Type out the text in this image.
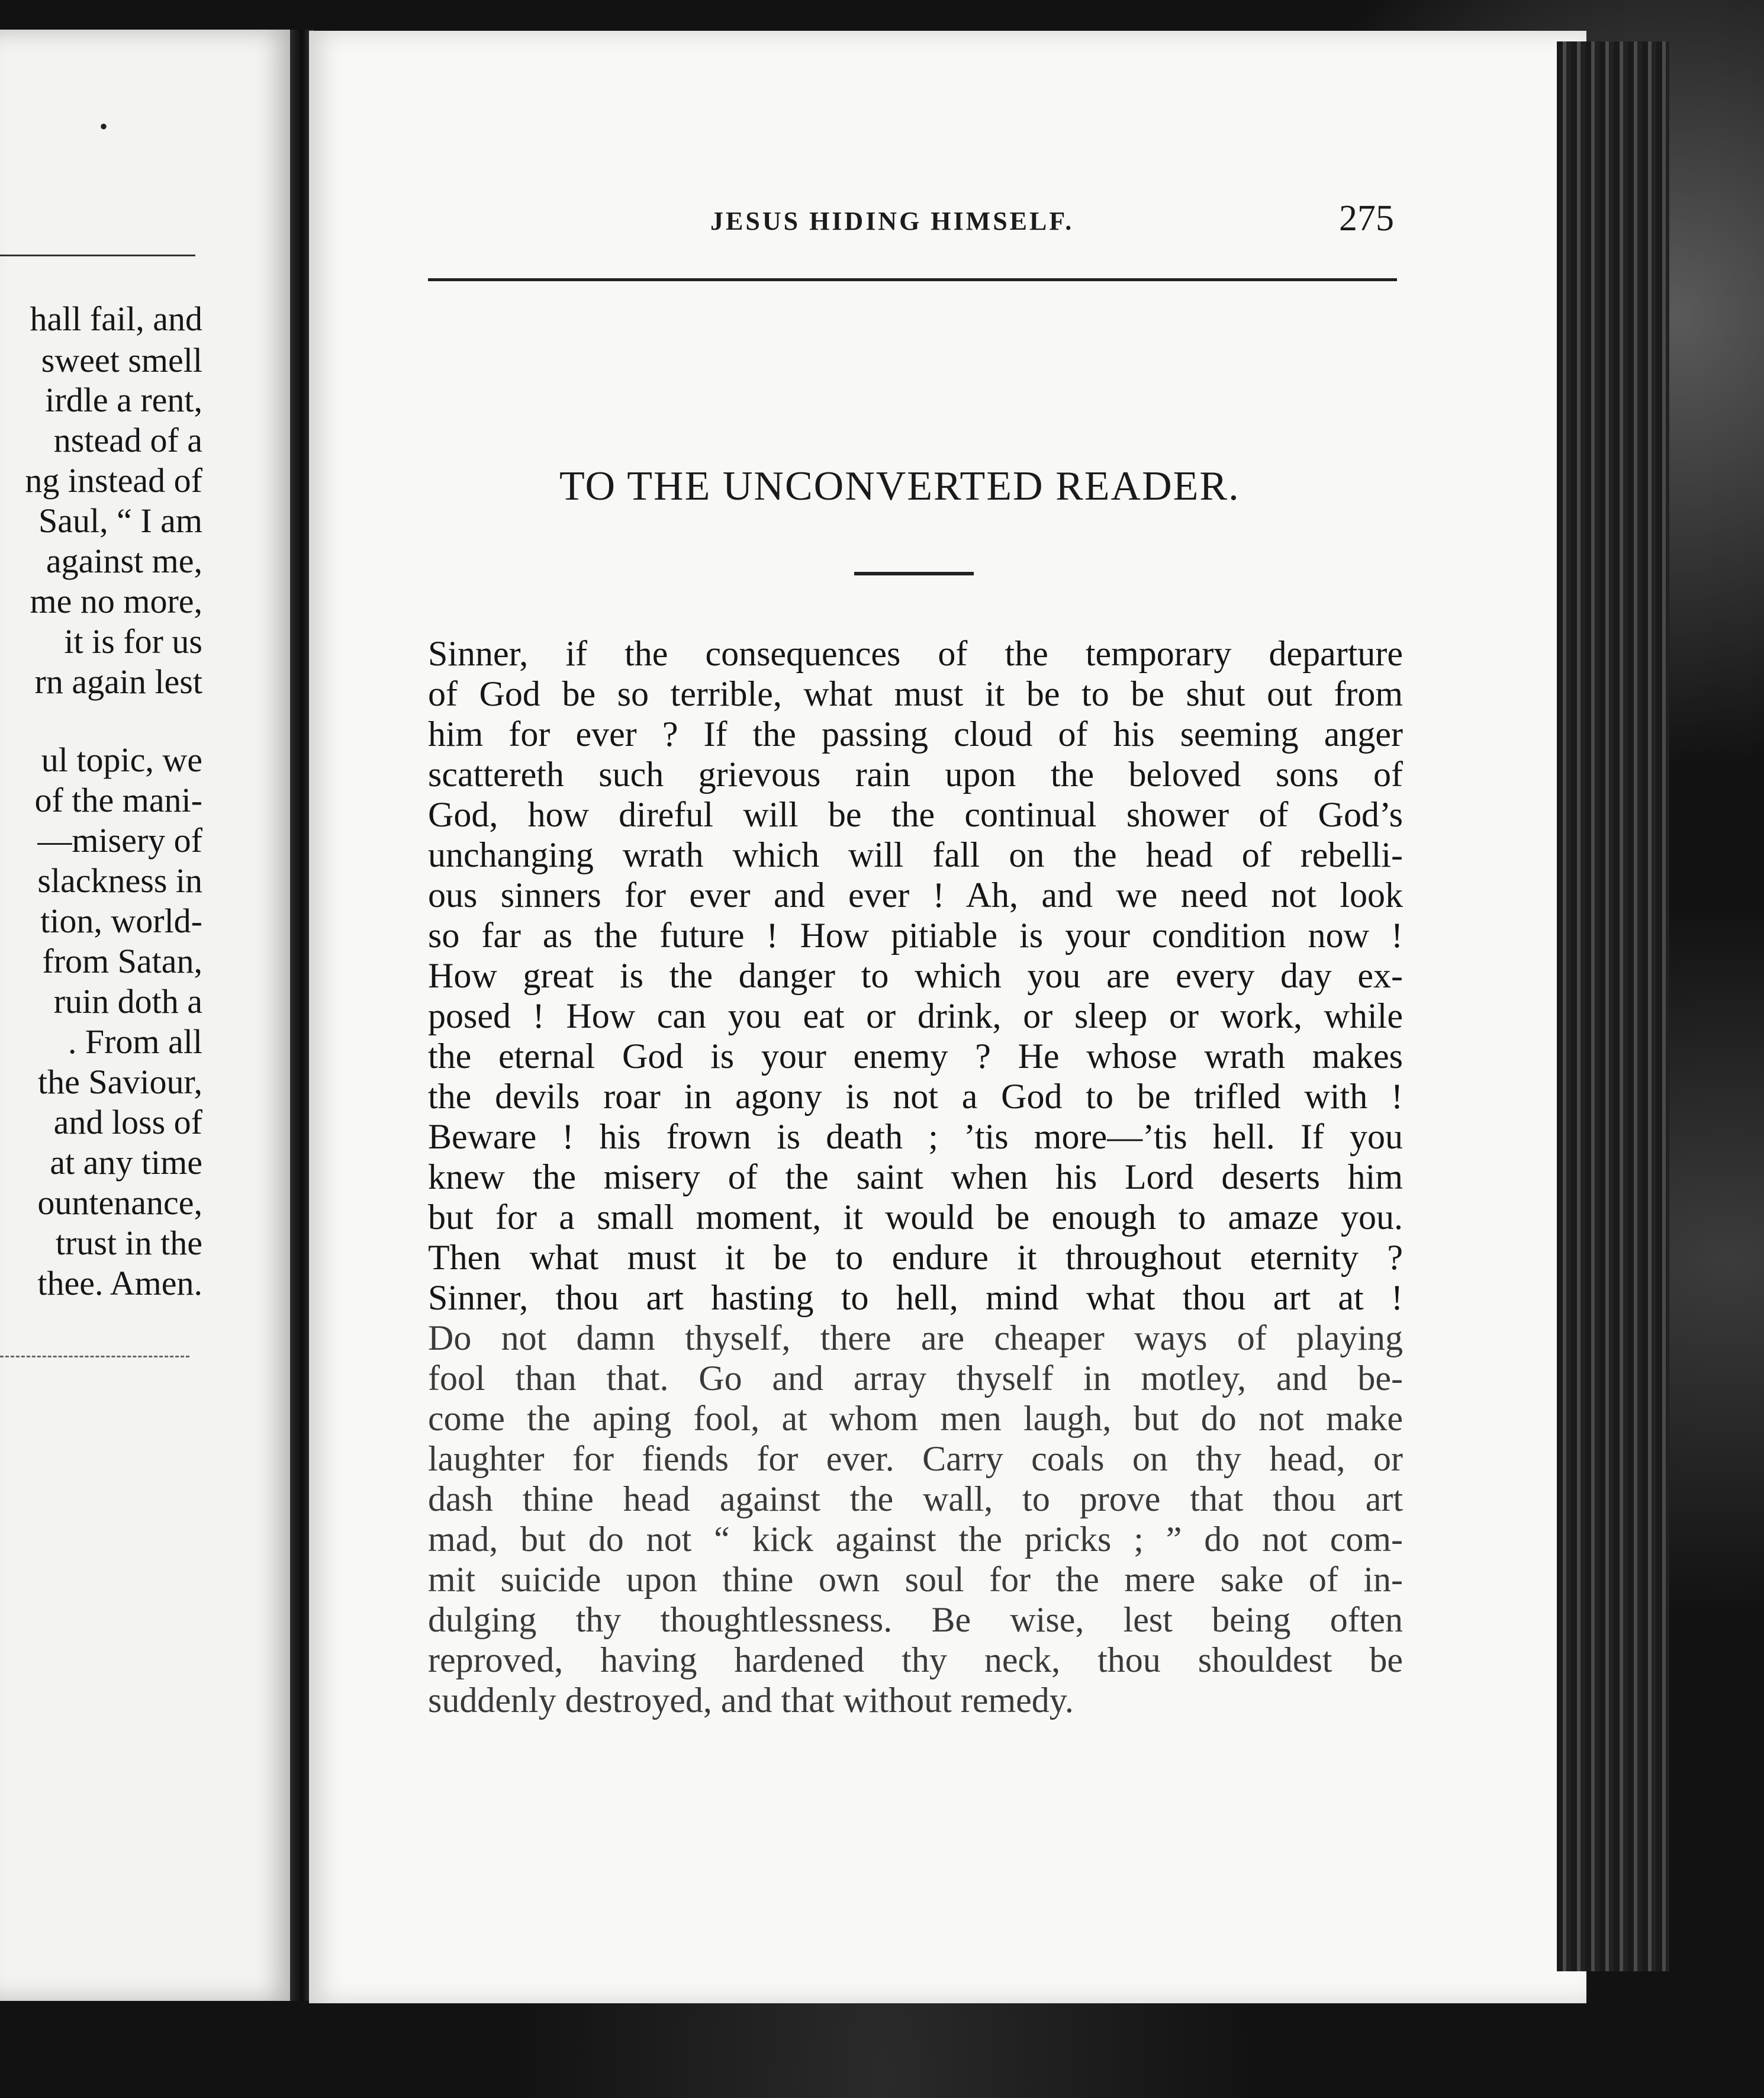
•
hall fail, and
sweet smell
irdle a rent,
nstead of a
ng instead of
Saul, “ I am
against me,
me no more,
it is for us
rn again lest
ul topic, we
of the mani-
—misery of
slackness in
tion, world-
from Satan,
ruin doth a
. From all
the Saviour,
and loss of
at any time
ountenance,
trust in the
thee. Amen.
JESUS HIDING HIMSELF.	275
TO THE UNCONVERTED READER.
Sinner, if the consequences of the temporary departure
of God be so terrible, what must it be to be shut out from
him for ever ? If the passing cloud of his seeming anger
scattereth such grievous rain upon the beloved sons of
God, how direful will be the continual shower of God’s
unchanging wrath which will fall on the head of rebelli-
ous sinners for ever and ever ! Ah, and we need not look
so far as the future ! How pitiable is your condition now !
How great is the danger to which you are every day ex-
posed ! How can you eat or drink, or sleep or work, while
the eternal God is your enemy ? He whose wrath makes
the devils roar in agony is not a God to be trifled with !
Beware ! his frown is death ; ’tis more—’tis hell. If you
knew the misery of the saint when his Lord deserts him
but for a small moment, it would be enough to amaze you.
Then what must it be to endure it throughout eternity ?
Sinner, thou art hasting to hell, mind what thou art at !
Do not damn thyself, there are cheaper ways of playing
fool than that. Go and array thyself in motley, and be-
come the aping fool, at whom men laugh, but do not make
laughter for fiends for ever. Carry coals on thy head, or
dash thine head against the wall, to prove that thou art
mad, but do not “ kick against the pricks ; ” do not com-
mit suicide upon thine own soul for the mere sake of in-
dulging thy thoughtlessness. Be wise, lest being often
reproved, having hardened thy neck, thou shouldest be
suddenly destroyed, and that without remedy.
